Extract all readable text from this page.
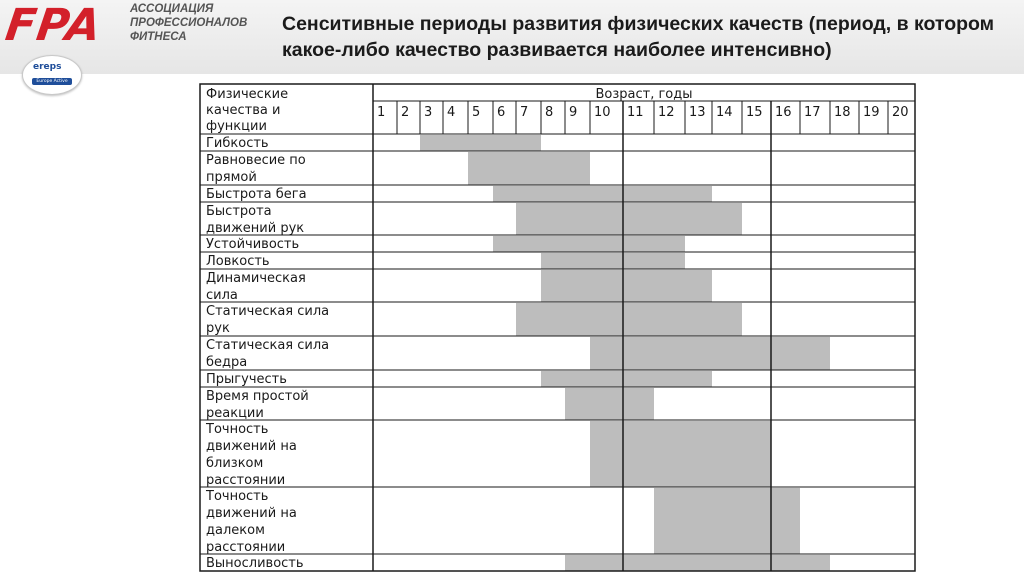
FPA АССОЦИАЦИЯ
ПРОФЕССИОНАЛОВ
ФИТНЕСА
Сенситивные периоды развития физических качеств (период, в котором какое-либо качество развивается наиболее интенсивно)
ereps
Europe Active
Физические
качества и
функции
Возраст, годы
1 2 3 4 5 6 7 8 9 10 11 12 13 14 15 16 17 18 19 20
Гибкость
Равновесие по
прямой
Быстрота бега
Быстрота
движений рук
Устойчивость
Ловкость
Динамическая
сила
Статическая сила
рук
Статическая сила
бедра
Прыгучесть
Время простой
реакции
Точность
движений на
близком
расстоянии
Точность
движений на
далеком
расстоянии
Выносливость
